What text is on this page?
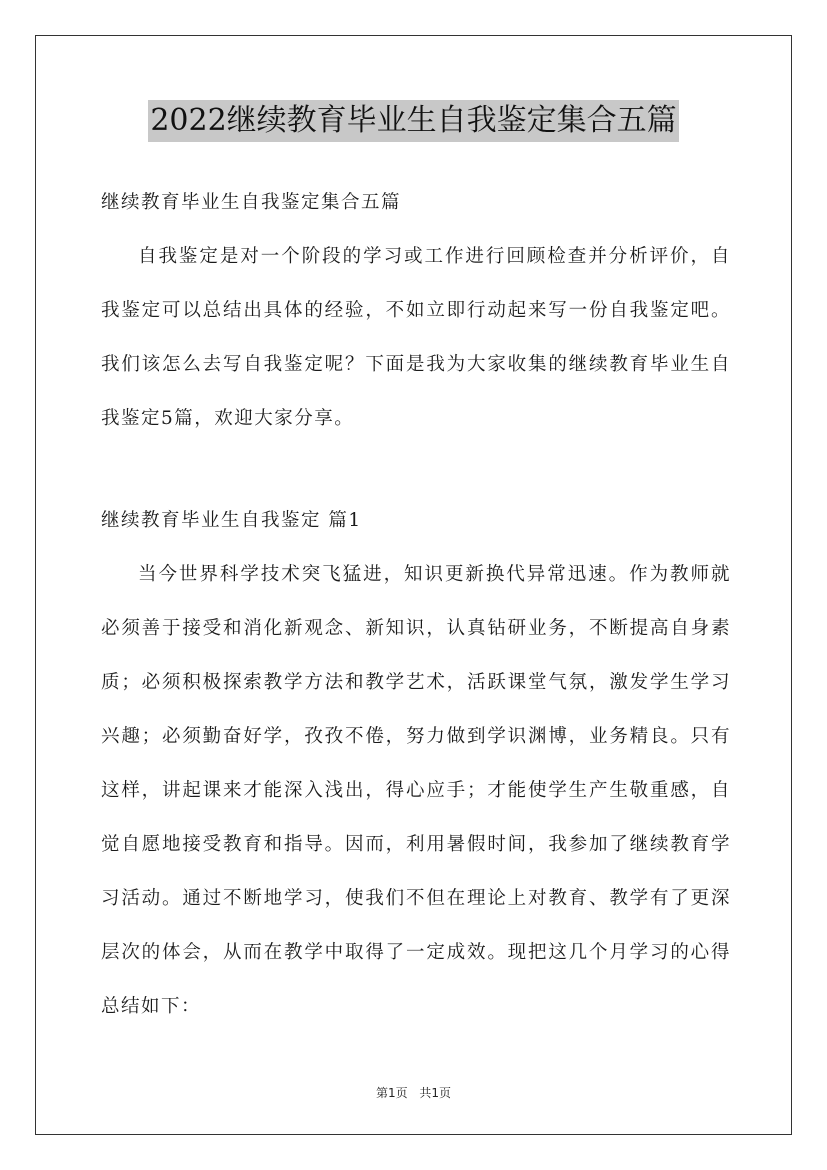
2022继续教育毕业生自我鉴定集合五篇

继续教育毕业生自我鉴定集合五篇

自我鉴定是对一个阶段的学习或工作进行回顾检查并分析评价，自我鉴定可以总结出具体的经验，不如立即行动起来写一份自我鉴定吧。我们该怎么去写自我鉴定呢？下面是我为大家收集的继续教育毕业生自我鉴定5篇，欢迎大家分享。

继续教育毕业生自我鉴定 篇1

当今世界科学技术突飞猛进，知识更新换代异常迅速。作为教师就必须善于接受和消化新观念、新知识，认真钻研业务，不断提高自身素质；必须积极探索教学方法和教学艺术，活跃课堂气氛，激发学生学习兴趣；必须勤奋好学，孜孜不倦，努力做到学识渊博，业务精良。只有这样，讲起课来才能深入浅出，得心应手；才能使学生产生敬重感，自觉自愿地接受教育和指导。因而，利用暑假时间，我参加了继续教育学习活动。通过不断地学习，使我们不但在理论上对教育、教学有了更深层次的体会，从而在教学中取得了一定成效。现把这几个月学习的心得总结如下：

第1页 共1页
